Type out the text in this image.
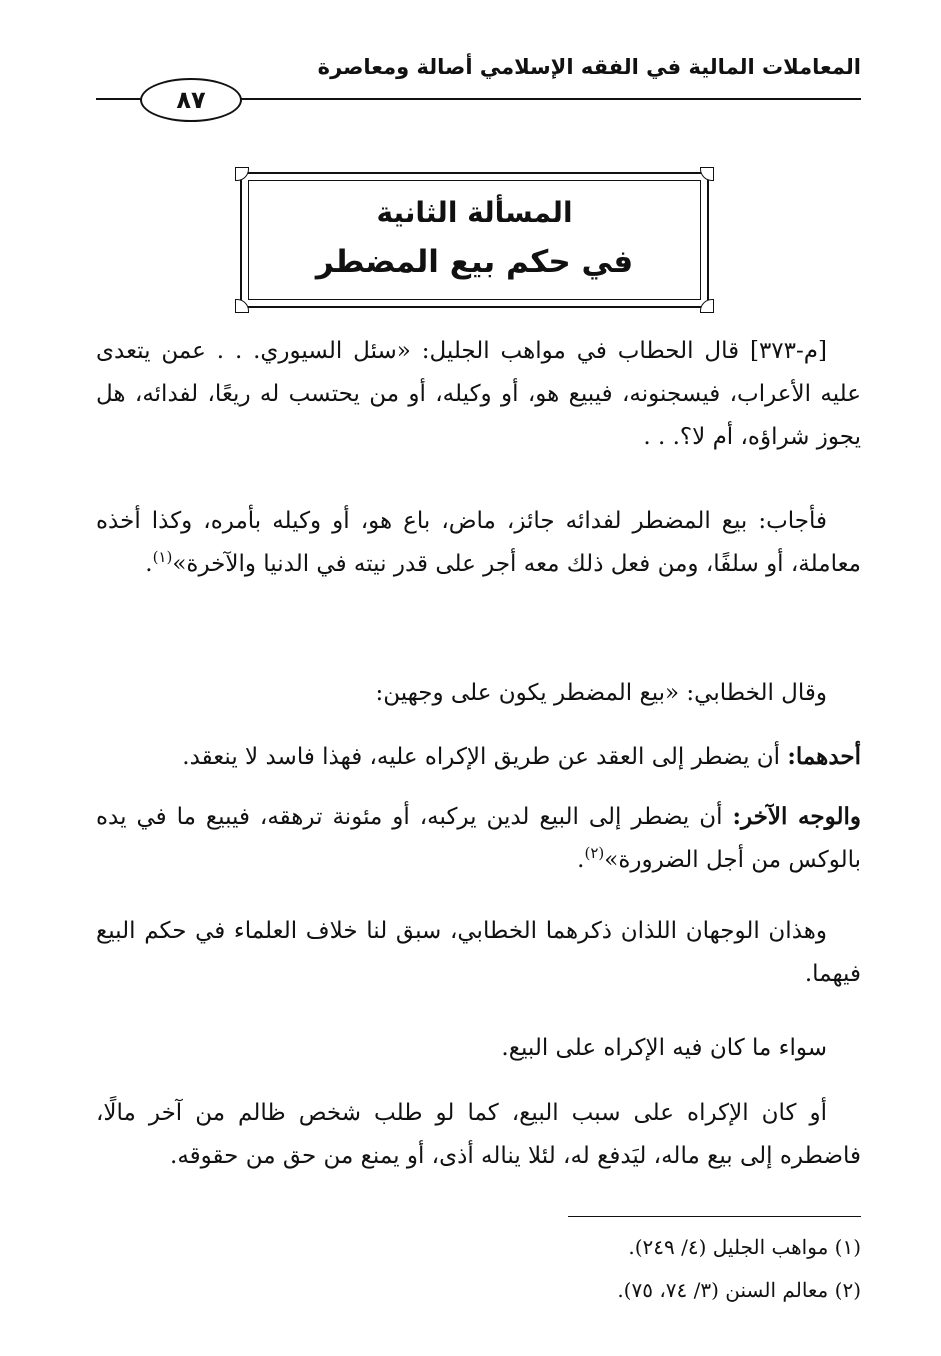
المعاملات المالية في الفقه الإسلامي أصالة ومعاصرة
٨٧
المسألة الثانية
في حكم بيع المضطر
[م-٣٧٣] قال الحطاب في مواهب الجليل: «سئل السيوري. . . عمن يتعدى عليه الأعراب، فيسجنونه، فيبيع هو، أو وكيله، أو من يحتسب له ريعًا، لفدائه، هل يجوز شراؤه، أم لا؟. . .
فأجاب: بيع المضطر لفدائه جائز، ماض، باع هو، أو وكيله بأمره، وكذا أخذه معاملة، أو سلفًا، ومن فعل ذلك معه أجر على قدر نيته في الدنيا والآخرة»$^{(١)}$.
وقال الخطابي: «بيع المضطر يكون على وجهين:
أحدهما: أن يضطر إلى العقد عن طريق الإكراه عليه، فهذا فاسد لا ينعقد.
والوجه الآخر: أن يضطر إلى البيع لدين يركبه، أو مئونة ترهقه، فيبيع ما في يده بالوكس من أجل الضرورة»$^{(٢)}$.
وهذان الوجهان اللذان ذكرهما الخطابي، سبق لنا خلاف العلماء في حكم البيع فيهما.
سواء ما كان فيه الإكراه على البيع.
أو كان الإكراه على سبب البيع، كما لو طلب شخص ظالم من آخر مالًا، فاضطره إلى بيع ماله، ليَدفع له، لئلا يناله أذى، أو يمنع من حق من حقوقه.
(١) مواهب الجليل (٤/ ٢٤٩).
(٢) معالم السنن (٣/ ٧٤، ٧٥).
